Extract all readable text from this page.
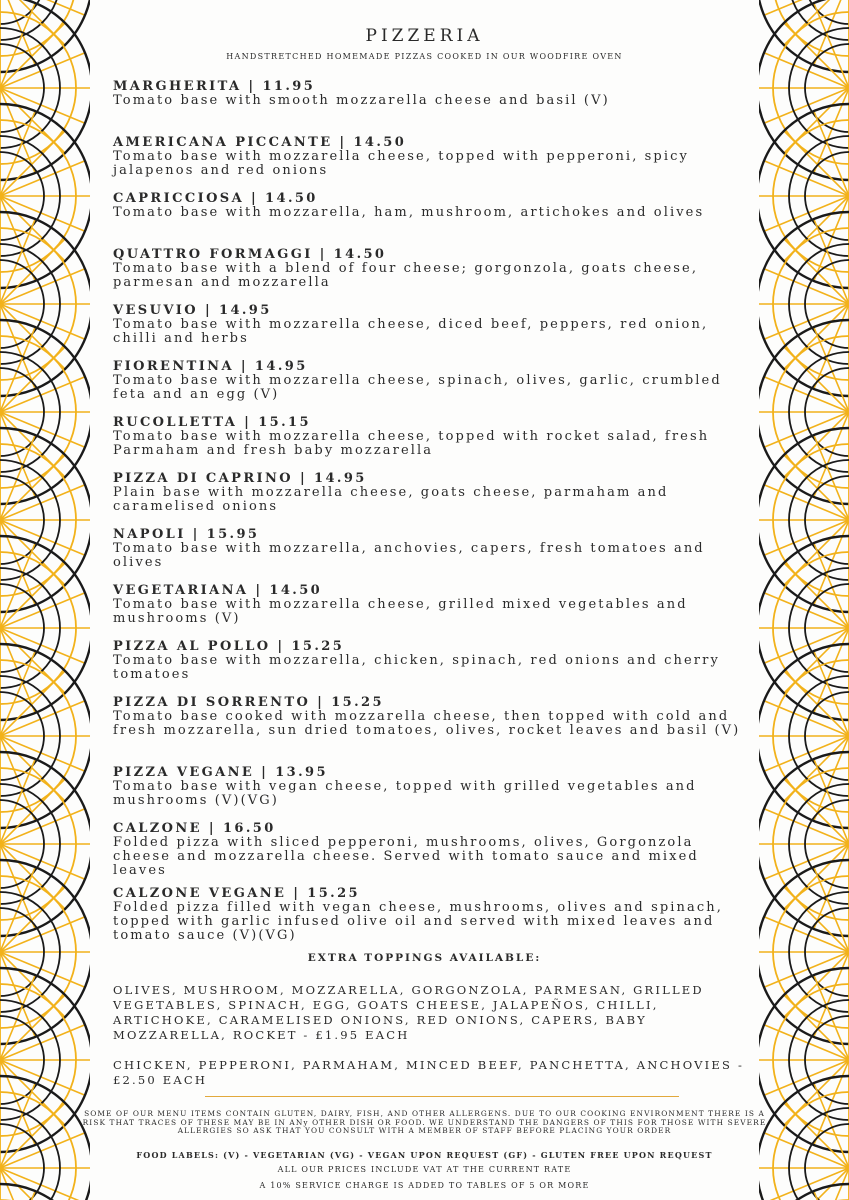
PIZZERIA
HANDSTRETCHED HOMEMADE PIZZAS COOKED IN OUR WOODFIRE OVEN
MARGHERITA | 11.95
Tomato base with smooth mozzarella cheese and basil (V)
AMERICANA PICCANTE | 14.50
Tomato base with mozzarella cheese, topped with pepperoni, spicy jalapenos and red onions
CAPRICCIOSA | 14.50
Tomato base with mozzarella, ham, mushroom, artichokes and olives
QUATTRO FORMAGGI | 14.50
Tomato base with a blend of four cheese; gorgonzola, goats cheese, parmesan and mozzarella
VESUVIO | 14.95
Tomato base with mozzarella cheese, diced beef, peppers, red onion, chilli and herbs
FIORENTINA | 14.95
Tomato base with mozzarella cheese, spinach, olives, garlic, crumbled feta and an egg (V)
RUCOLLETTA | 15.15
Tomato base with mozzarella cheese, topped with rocket salad, fresh Parmaham and fresh baby mozzarella
PIZZA DI CAPRINO | 14.95
Plain base with mozzarella cheese, goats cheese, parmaham and caramelised onions
NAPOLI | 15.95
Tomato base with mozzarella, anchovies, capers, fresh tomatoes and olives
VEGETARIANA | 14.50
Tomato base with mozzarella cheese, grilled mixed vegetables and mushrooms (V)
PIZZA AL POLLO | 15.25
Tomato base with mozzarella, chicken, spinach, red onions and cherry tomatoes
PIZZA DI SORRENTO | 15.25
Tomato base cooked with mozzarella cheese, then topped with cold and fresh mozzarella, sun dried tomatoes, olives, rocket leaves and basil (V)
PIZZA VEGANE | 13.95
Tomato base with vegan cheese, topped with grilled vegetables and mushrooms (V)(VG)
CALZONE | 16.50
Folded pizza with sliced pepperoni, mushrooms, olives, Gorgonzola cheese and mozzarella cheese. Served with tomato sauce and mixed leaves
CALZONE VEGANE | 15.25
Folded pizza filled with vegan cheese, mushrooms, olives and spinach, topped with garlic infused olive oil and served with mixed leaves and tomato sauce (V)(VG)
EXTRA TOPPINGS AVAILABLE:
OLIVES, MUSHROOM, MOZZARELLA, GORGONZOLA, PARMESAN, GRILLED VEGETABLES, SPINACH, EGG, GOATS CHEESE, JALAPEÑOS, CHILLI, ARTICHOKE, CARAMELISED ONIONS, RED ONIONS, CAPERS, BABY MOZZARELLA, ROCKET - £1.95 EACH
CHICKEN, PEPPERONI, PARMAHAM, MINCED BEEF, PANCHETTA, ANCHOVIES - £2.50 EACH
SOME OF OUR MENU ITEMS CONTAIN GLUTEN, DAIRY, FISH, AND OTHER ALLERGENS. DUE TO OUR COOKING ENVIRONMENT THERE IS A RISK THAT TRACES OF THESE MAY BE IN ANy OTHER DISH OR FOOD. WE UNDERSTAND THE DANGERS OF THIS FOR THOSE WITH SEVERE ALLERGIES SO ASK THAT YOU CONSULT WITH A MEMBER OF STAFF BEFORE PLACING YOUR ORDER
FOOD LABELS: (V) - VEGETARIAN (VG) - VEGAN UPON REQUEST (GF) - GLUTEN FREE UPON REQUEST
ALL OUR PRICES INCLUDE VAT AT THE CURRENT RATE
A 10% SERVICE CHARGE IS ADDED TO TABLES OF 5 OR MORE
